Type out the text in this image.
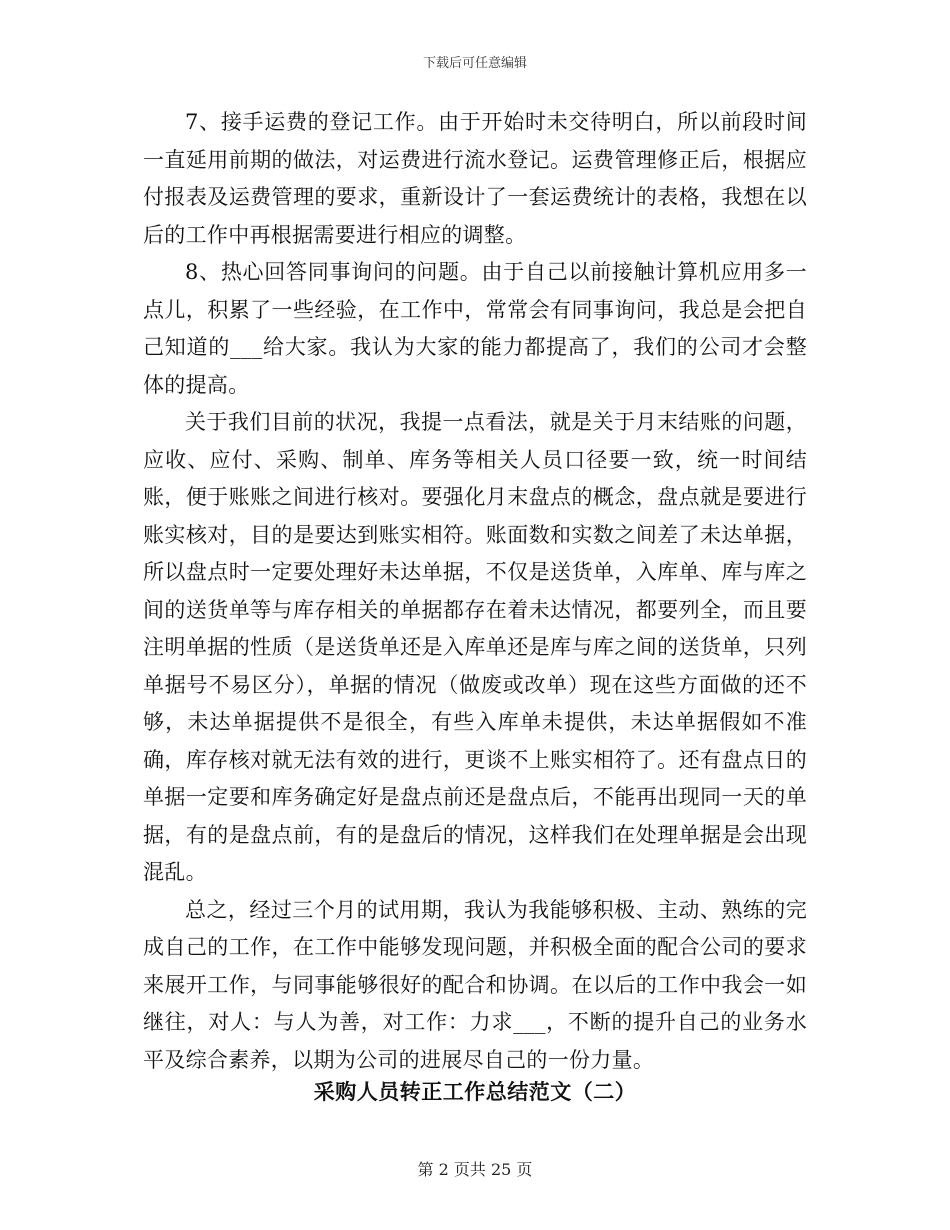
下载后可任意编辑

7、接手运费的登记工作。由于开始时未交待明白，所以前段时间一直延用前期的做法，对运费进行流水登记。运费管理修正后，根据应付报表及运费管理的要求，重新设计了一套运费统计的表格，我想在以后的工作中再根据需要进行相应的调整。

8、热心回答同事询问的问题。由于自己以前接触计算机应用多一点儿，积累了一些经验，在工作中，常常会有同事询问，我总是会把自己知道的___给大家。我认为大家的能力都提高了，我们的公司才会整体的提高。

关于我们目前的状况，我提一点看法，就是关于月末结账的问题，应收、应付、采购、制单、库务等相关人员口径要一致，统一时间结账，便于账账之间进行核对。要强化月末盘点的概念，盘点就是要进行账实核对，目的是要达到账实相符。账面数和实数之间差了未达单据，所以盘点时一定要处理好未达单据，不仅是送货单，入库单、库与库之间的送货单等与库存相关的单据都存在着未达情况，都要列全，而且要注明单据的性质（是送货单还是入库单还是库与库之间的送货单，只列单据号不易区分），单据的情况（做废或改单）现在这些方面做的还不够，未达单据提供不是很全，有些入库单未提供，未达单据假如不准确，库存核对就无法有效的进行，更谈不上账实相符了。还有盘点日的单据一定要和库务确定好是盘点前还是盘点后，不能再出现同一天的单据，有的是盘点前，有的是盘后的情况，这样我们在处理单据是会出现混乱。

总之，经过三个月的试用期，我认为我能够积极、主动、熟练的完成自己的工作，在工作中能够发现问题，并积极全面的配合公司的要求来展开工作，与同事能够很好的配合和协调。在以后的工作中我会一如继往，对人：与人为善，对工作：力求___，不断的提升自己的业务水平及综合素养，以期为公司的进展尽自己的一份力量。

采购人员转正工作总结范文（二）
第 2 页共 25 页
